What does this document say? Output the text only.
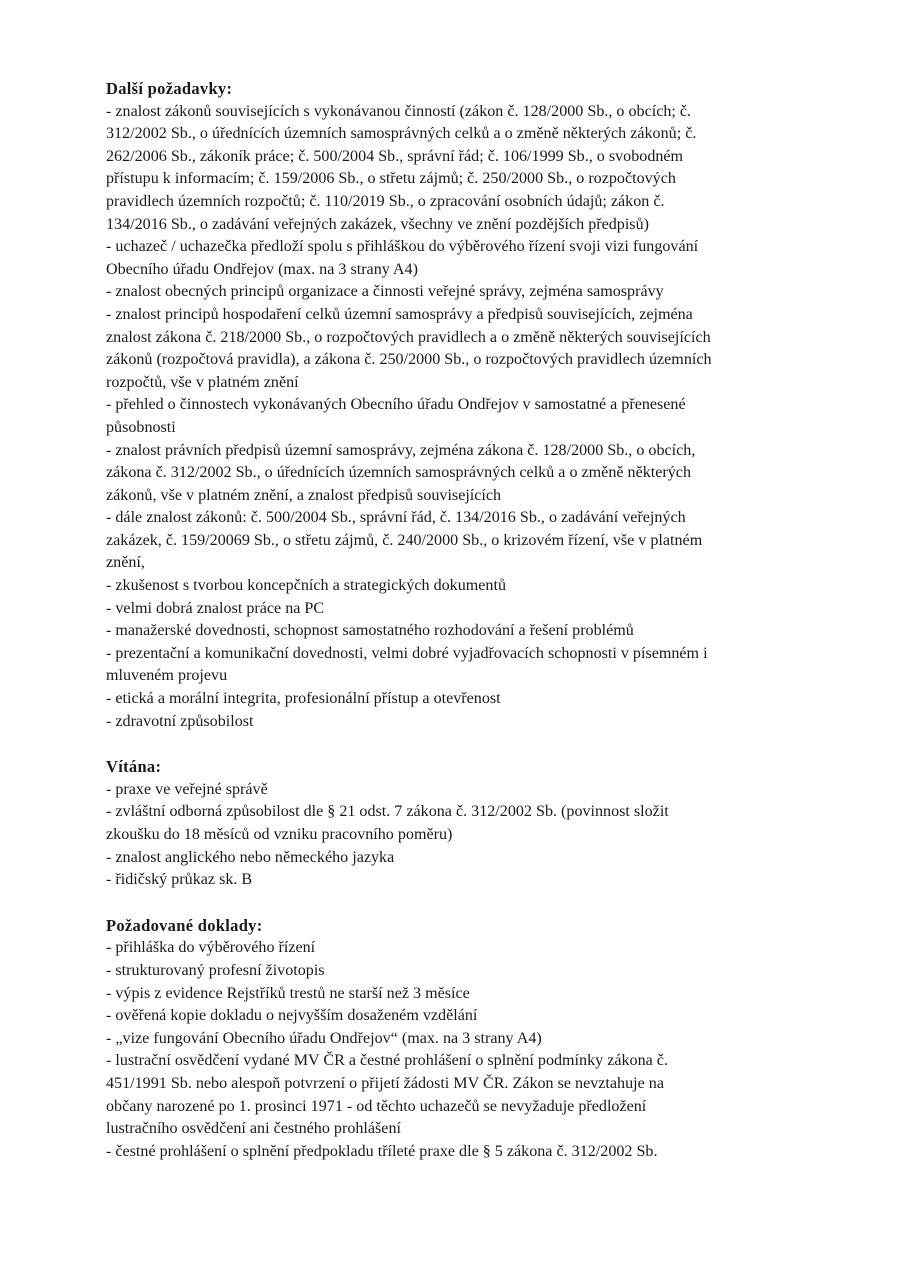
Další požadavky:
- znalost zákonů souvisejících s vykonávanou činností (zákon č. 128/2000 Sb., o obcích; č.
312/2002 Sb., o úřednících územních samosprávných celků a o změně některých zákonů; č.
262/2006 Sb., zákoník práce; č. 500/2004 Sb., správní řád; č. 106/1999 Sb., o svobodném
přístupu k informacím; č. 159/2006 Sb., o střetu zájmů; č. 250/2000 Sb., o rozpočtových
pravidlech územních rozpočtů; č. 110/2019 Sb., o zpracování osobních údajů; zákon č.
134/2016 Sb., o zadávání veřejných zakázek, všechny ve znění pozdějších předpisů)
- uchazeč / uchazečka předloží spolu s přihláškou do výběrového řízení svoji vizi fungování
Obecního úřadu Ondřejov (max. na 3 strany A4)
- znalost obecných principů organizace a činnosti veřejné správy, zejména samosprávy
- znalost principů hospodaření celků územní samosprávy a předpisů souvisejících, zejména
znalost zákona č. 218/2000 Sb., o rozpočtových pravidlech a o změně některých souvisejících
zákonů (rozpočtová pravidla), a zákona č. 250/2000 Sb., o rozpočtových pravidlech územních
rozpočtů, vše v platném znění
- přehled o činnostech vykonávaných Obecního úřadu Ondřejov v samostatné a přenesené
působnosti
- znalost právních předpisů územní samosprávy, zejména zákona č. 128/2000 Sb., o obcích,
zákona č. 312/2002 Sb., o úřednících územních samosprávných celků a o změně některých
zákonů, vše v platném znění, a znalost předpisů souvisejících
- dále znalost zákonů: č. 500/2004 Sb., správní řád, č. 134/2016 Sb., o zadávání veřejných
zakázek, č. 159/20069 Sb., o střetu zájmů, č. 240/2000 Sb., o krizovém řízení, vše v platném
znění,
- zkušenost s tvorbou koncepčních a strategických dokumentů
- velmi dobrá znalost práce na PC
- manažerské dovednosti, schopnost samostatného rozhodování a řešení problémů
- prezentační a komunikační dovednosti, velmi dobré vyjadřovacích schopnosti v písemném i
mluveném projevu
- etická a morální integrita, profesionální přístup a otevřenost
- zdravotní způsobilost
Vítána:
- praxe ve veřejné správě
- zvláštní odborná způsobilost dle § 21 odst. 7 zákona č. 312/2002 Sb. (povinnost složit
zkoušku do 18 měsíců od vzniku pracovního poměru)
- znalost anglického nebo německého jazyka
- řidičský průkaz sk. B
Požadované doklady:
- přihláška do výběrového řízení
- strukturovaný profesní životopis
- výpis z evidence Rejstříků trestů ne starší než 3 měsíce
- ověřená kopie dokladu o nejvyšším dosaženém vzdělání
- „vize fungování Obecního úřadu Ondřejov“ (max. na 3 strany A4)
- lustrační osvědčení vydané MV ČR a čestné prohlášení o splnění podmínky zákona č.
451/1991 Sb. nebo alespoň potvrzení o přijetí žádosti MV ČR. Zákon se nevztahuje na
občany narozené po 1. prosinci 1971 - od těchto uchazečů se nevyžaduje předložení
lustračního osvědčení ani čestného prohlášení
- čestné prohlášení o splnění předpokladu tříleté praxe dle § 5 zákona č. 312/2002 Sb.
